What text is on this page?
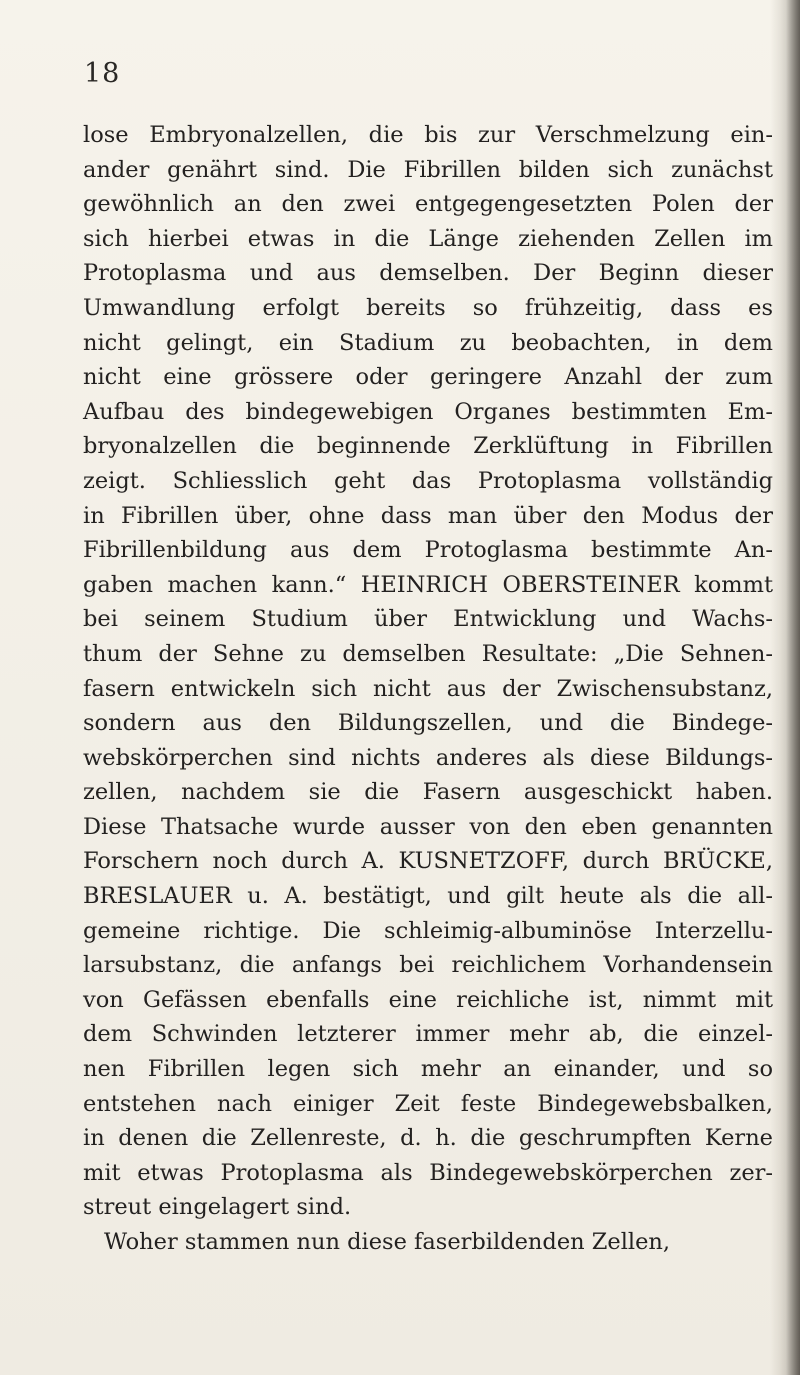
18
lose Embryonalzellen, die bis zur Verschmelzung ein-
ander genährt sind. Die Fibrillen bilden sich zunächst
gewöhnlich an den zwei entgegengesetzten Polen der
sich hierbei etwas in die Länge ziehenden Zellen im
Protoplasma und aus demselben. Der Beginn dieser
Umwandlung erfolgt bereits so frühzeitig, dass es
nicht gelingt, ein Stadium zu beobachten, in dem
nicht eine grössere oder geringere Anzahl der zum
Aufbau des bindegewebigen Organes bestimmten Em-
bryonalzellen die beginnende Zerklüftung in Fibrillen
zeigt. Schliesslich geht das Protoplasma vollständig
in Fibrillen über, ohne dass man über den Modus der
Fibrillenbildung aus dem Protoglasma bestimmte An-
gaben machen kann.“ HEINRICH OBERSTEINER kommt
bei seinem Studium über Entwicklung und Wachs-
thum der Sehne zu demselben Resultate: „Die Sehnen-
fasern entwickeln sich nicht aus der Zwischensubstanz,
sondern aus den Bildungszellen, und die Bindege-
webskörperchen sind nichts anderes als diese Bildungs-
zellen, nachdem sie die Fasern ausgeschickt haben.
Diese Thatsache wurde ausser von den eben genannten
Forschern noch durch A. KUSNETZOFF, durch BRÜCKE,
BRESLAUER u. A. bestätigt, und gilt heute als die all-
gemeine richtige. Die schleimig-albuminöse Interzellu-
larsubstanz, die anfangs bei reichlichem Vorhandensein
von Gefässen ebenfalls eine reichliche ist, nimmt mit
dem Schwinden letzterer immer mehr ab, die einzel-
nen Fibrillen legen sich mehr an einander, und so
entstehen nach einiger Zeit feste Bindegewebsbalken,
in denen die Zellenreste, d. h. die geschrumpften Kerne
mit etwas Protoplasma als Bindegewebskörperchen zer-
streut eingelagert sind.
Woher stammen nun diese faserbildenden Zellen,
